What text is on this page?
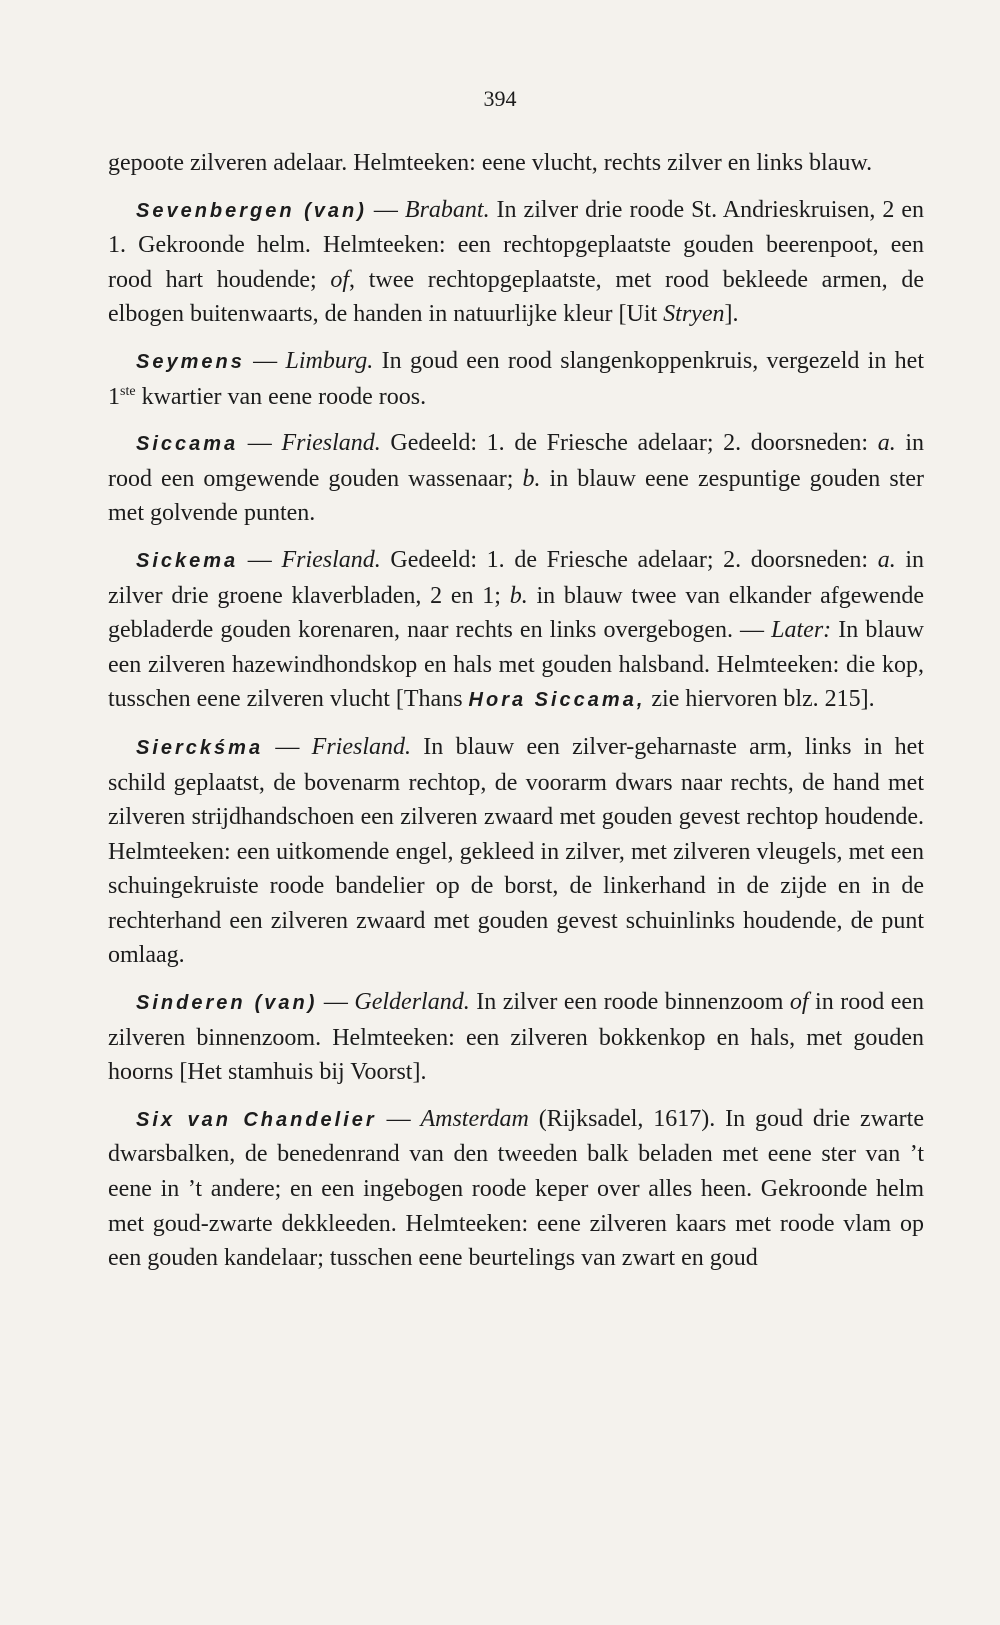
394

gepoote zilveren adelaar. Helmteeken: eene vlucht, rechts zilver en links blauw.

Sevenbergen (van) — Brabant. In zilver drie roode St. Andrieskruisen, 2 en 1. Gekroonde helm. Helmteeken: een rechtopgeplaatste gouden beerenpoot, een rood hart houdende; of, twee rechtopgeplaatste, met rood bekleede armen, de elbogen buitenwaarts, de handen in natuurlijke kleur [Uit Stryen].

Seymens — Limburg. In goud een rood slangenkoppenkruis, vergezeld in het 1ste kwartier van eene roode roos.

Siccama — Friesland. Gedeeld: 1. de Friesche adelaar; 2. doorsneden: a. in rood een omgewende gouden wassenaar; b. in blauw eene zespuntige gouden ster met golvende punten.

Sickema — Friesland. Gedeeld: 1. de Friesche adelaar; 2. doorsneden: a. in zilver drie groene klaverbladen, 2 en 1; b. in blauw twee van elkander afgewende gebladerde gouden korenaren, naar rechts en links overgebogen. — Later: In blauw een zilveren hazewindhondskop en hals met gouden halsband. Helmteeken: die kop, tusschen eene zilveren vlucht [Thans Hora Siccama, zie hiervoren blz. 215].

Sierckśma — Friesland. In blauw een zilver-geharnaste arm, links in het schild geplaatst, de bovenarm rechtop, de voorarm dwars naar rechts, de hand met zilveren strijdhandschoen een zilveren zwaard met gouden gevest rechtop houdende. Helmteeken: een uitkomende engel, gekleed in zilver, met zilveren vleugels, met een schuingekruiste roode bandelier op de borst, de linkerhand in de zijde en in de rechterhand een zilveren zwaard met gouden gevest schuinlinks houdende, de punt omlaag.

Sinderen (van) — Gelderland. In zilver een roode binnenzoom of in rood een zilveren binnenzoom. Helmteeken: een zilveren bokkenkop en hals, met gouden hoorns [Het stamhuis bij Voorst].

Six van Chandelier — Amsterdam (Rijksadel, 1617). In goud drie zwarte dwarsbalken, de benedenrand van den tweeden balk beladen met eene ster van ’t eene in ’t andere; en een ingebogen roode keper over alles heen. Gekroonde helm met goud-zwarte dekkleeden. Helmteeken: eene zilveren kaars met roode vlam op een gouden kandelaar; tusschen eene beurtelings van zwart en goud
